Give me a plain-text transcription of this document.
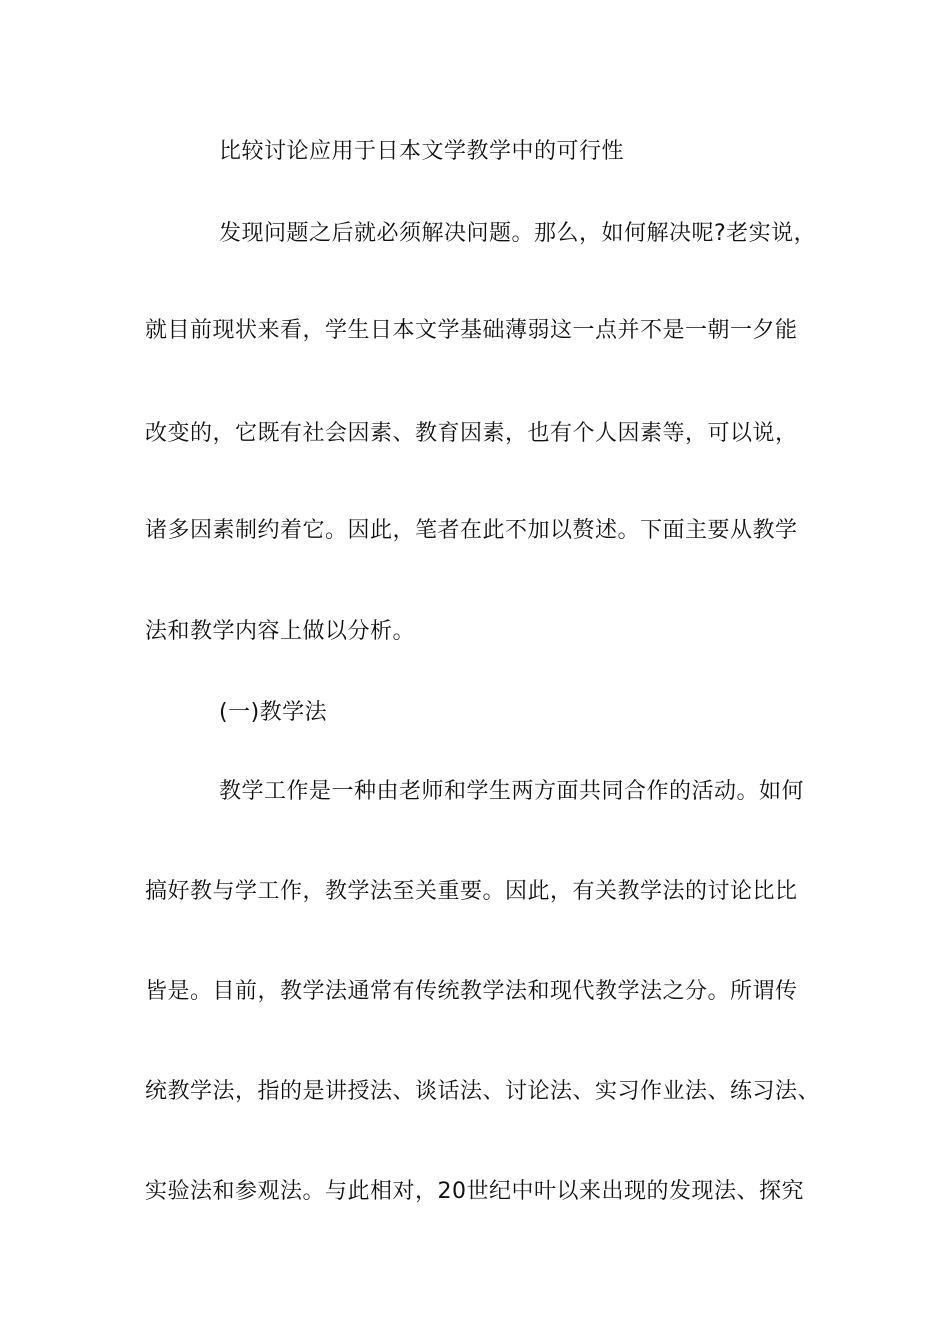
比较讨论应用于日本文学教学中的可行性
发现问题之后就必须解决问题。那么，如何解决呢?老实说，
就目前现状来看，学生日本文学基础薄弱这一点并不是一朝一夕能
改变的，它既有社会因素、教育因素，也有个人因素等，可以说，
诸多因素制约着它。因此，笔者在此不加以赘述。下面主要从教学
法和教学内容上做以分析。
(一)教学法
教学工作是一种由老师和学生两方面共同合作的活动。如何
搞好教与学工作，教学法至关重要。因此，有关教学法的讨论比比
皆是。目前，教学法通常有传统教学法和现代教学法之分。所谓传
统教学法，指的是讲授法、谈话法、讨论法、实习作业法、练习法、
实验法和参观法。与此相对，20世纪中叶以来出现的发现法、探究
